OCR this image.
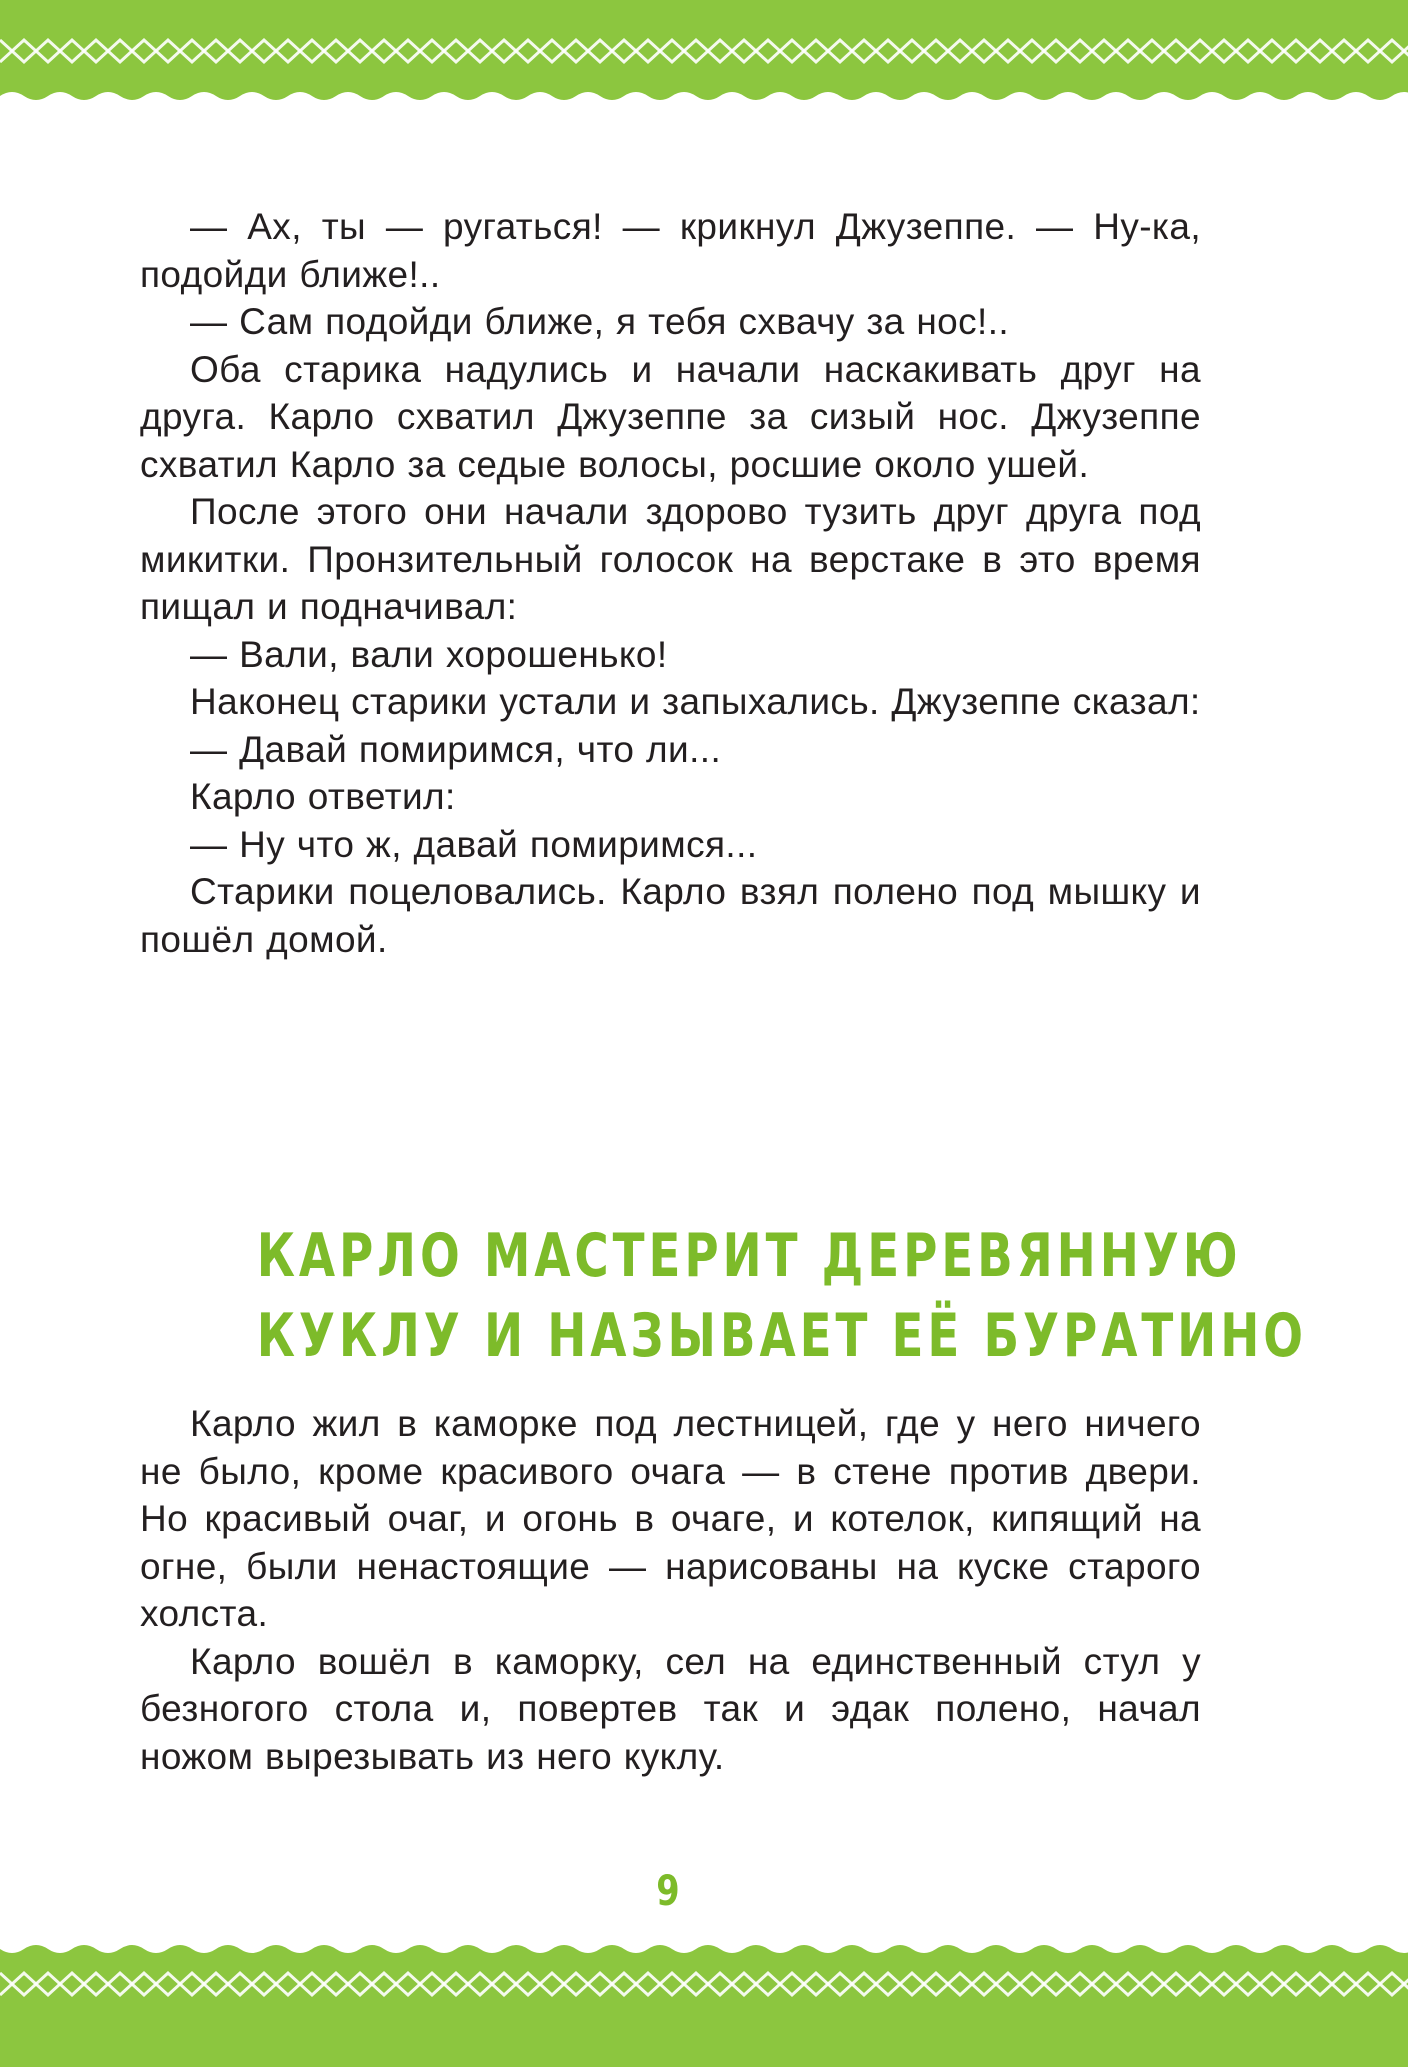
— Ах, ты — ругаться! — крикнул Джузеппе. — Ну-ка, подойди ближе!..

— Сам подойди ближе, я тебя схвачу за нос!..

Оба старика надулись и начали наскакивать друг на друга. Карло схватил Джузеппе за сизый нос. Джузеппе схватил Карло за седые волосы, росшие около ушей.

После этого они начали здорово тузить друг друга под микитки. Пронзительный голосок на верстаке в это время пищал и подначивал:

— Вали, вали хорошенько!

Наконец старики устали и запыхались. Джузеппе сказал:

— Давай помиримся, что ли...

Карло ответил:

— Ну что ж, давай помиримся...

Старики поцеловались. Карло взял полено под мышку и пошёл домой.

КАРЛО МАСТЕРИТ ДЕРЕВЯННУЮ
КУКЛУ И НАЗЫВАЕТ ЕЁ БУРАТИНО

Карло жил в каморке под лестницей, где у него ничего не было, кроме красивого очага — в стене против двери. Но красивый очаг, и огонь в очаге, и котелок, кипящий на огне, были ненастоящие — нарисованы на куске старого холста.

Карло вошёл в каморку, сел на единственный стул у безногого стола и, повертев так и эдак полено, начал ножом вырезывать из него куклу.

9
